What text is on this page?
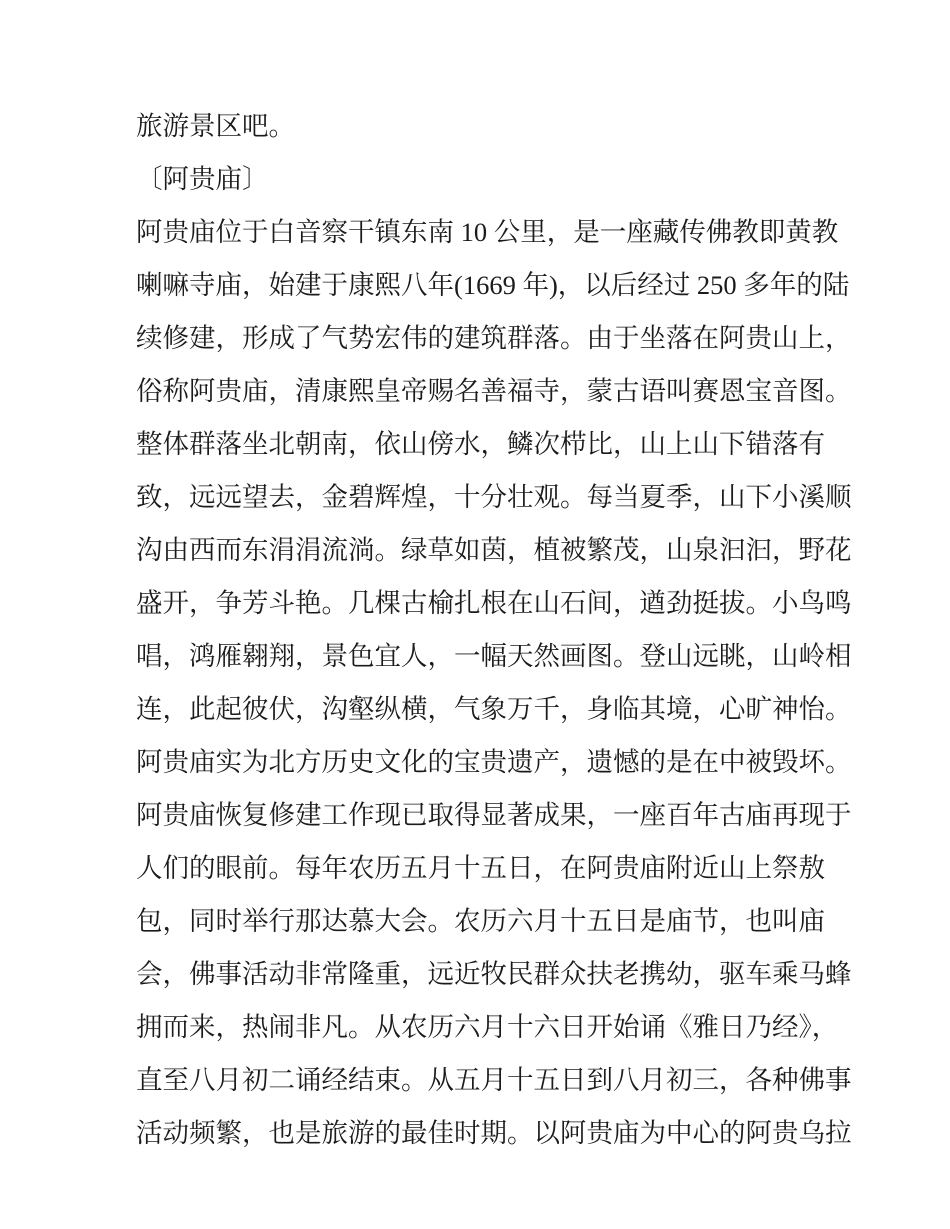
旅游景区吧。
〔阿贵庙〕
阿贵庙位于白音察干镇东南 10 公里，是一座藏传佛教即黄教
喇嘛寺庙，始建于康熙八年(1669 年)，以后经过 250 多年的陆
续修建，形成了气势宏伟的建筑群落。由于坐落在阿贵山上，
俗称阿贵庙，清康熙皇帝赐名善福寺，蒙古语叫赛恩宝音图。
整体群落坐北朝南，依山傍水，鳞次栉比，山上山下错落有
致，远远望去，金碧辉煌，十分壮观。每当夏季，山下小溪顺
沟由西而东涓涓流淌。绿草如茵，植被繁茂，山泉汩汩，野花
盛开，争芳斗艳。几棵古榆扎根在山石间，遒劲挺拔。小鸟鸣
唱，鸿雁翱翔，景色宜人，一幅天然画图。登山远眺，山岭相
连，此起彼伏，沟壑纵横，气象万千，身临其境，心旷神怡。
阿贵庙实为北方历史文化的宝贵遗产，遗憾的是在中被毁坏。
阿贵庙恢复修建工作现已取得显著成果，一座百年古庙再现于
人们的眼前。每年农历五月十五日，在阿贵庙附近山上祭敖
包，同时举行那达慕大会。农历六月十五日是庙节，也叫庙
会，佛事活动非常隆重，远近牧民群众扶老携幼，驱车乘马蜂
拥而来，热闹非凡。从农历六月十六日开始诵《雅日乃经》，
直至八月初二诵经结束。从五月十五日到八月初三，各种佛事
活动频繁，也是旅游的最佳时期。以阿贵庙为中心的阿贵乌拉
